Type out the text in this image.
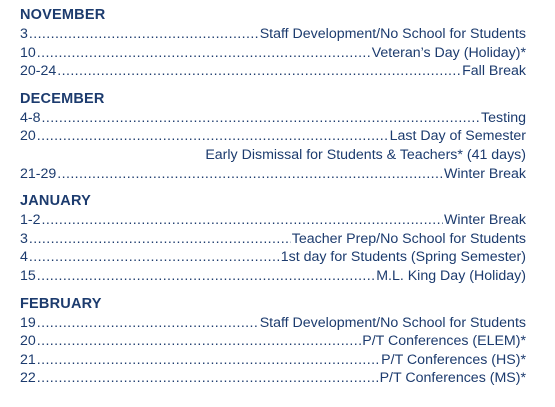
NOVEMBER
3 .....	Staff Development/No School for Students
10 .....	Veteran’s Day (Holiday)*
20-24 .....	Fall Break
DECEMBER
4-8 .....	Testing
20 .....	Last Day of Semester
Early Dismissal for Students & Teachers* (41 days)
21-29 .....	Winter Break
JANUARY
1-2 .....	Winter Break
3 .....	Teacher Prep/No School for Students
4 .....	1st day for Students (Spring Semester)
15 .....	M.L. King Day (Holiday)
FEBRUARY
19 .....	Staff Development/No School for Students
20 .....	P/T Conferences (ELEM)*
21 .....	P/T Conferences (HS)*
22 .....	P/T Conferences (MS)*
